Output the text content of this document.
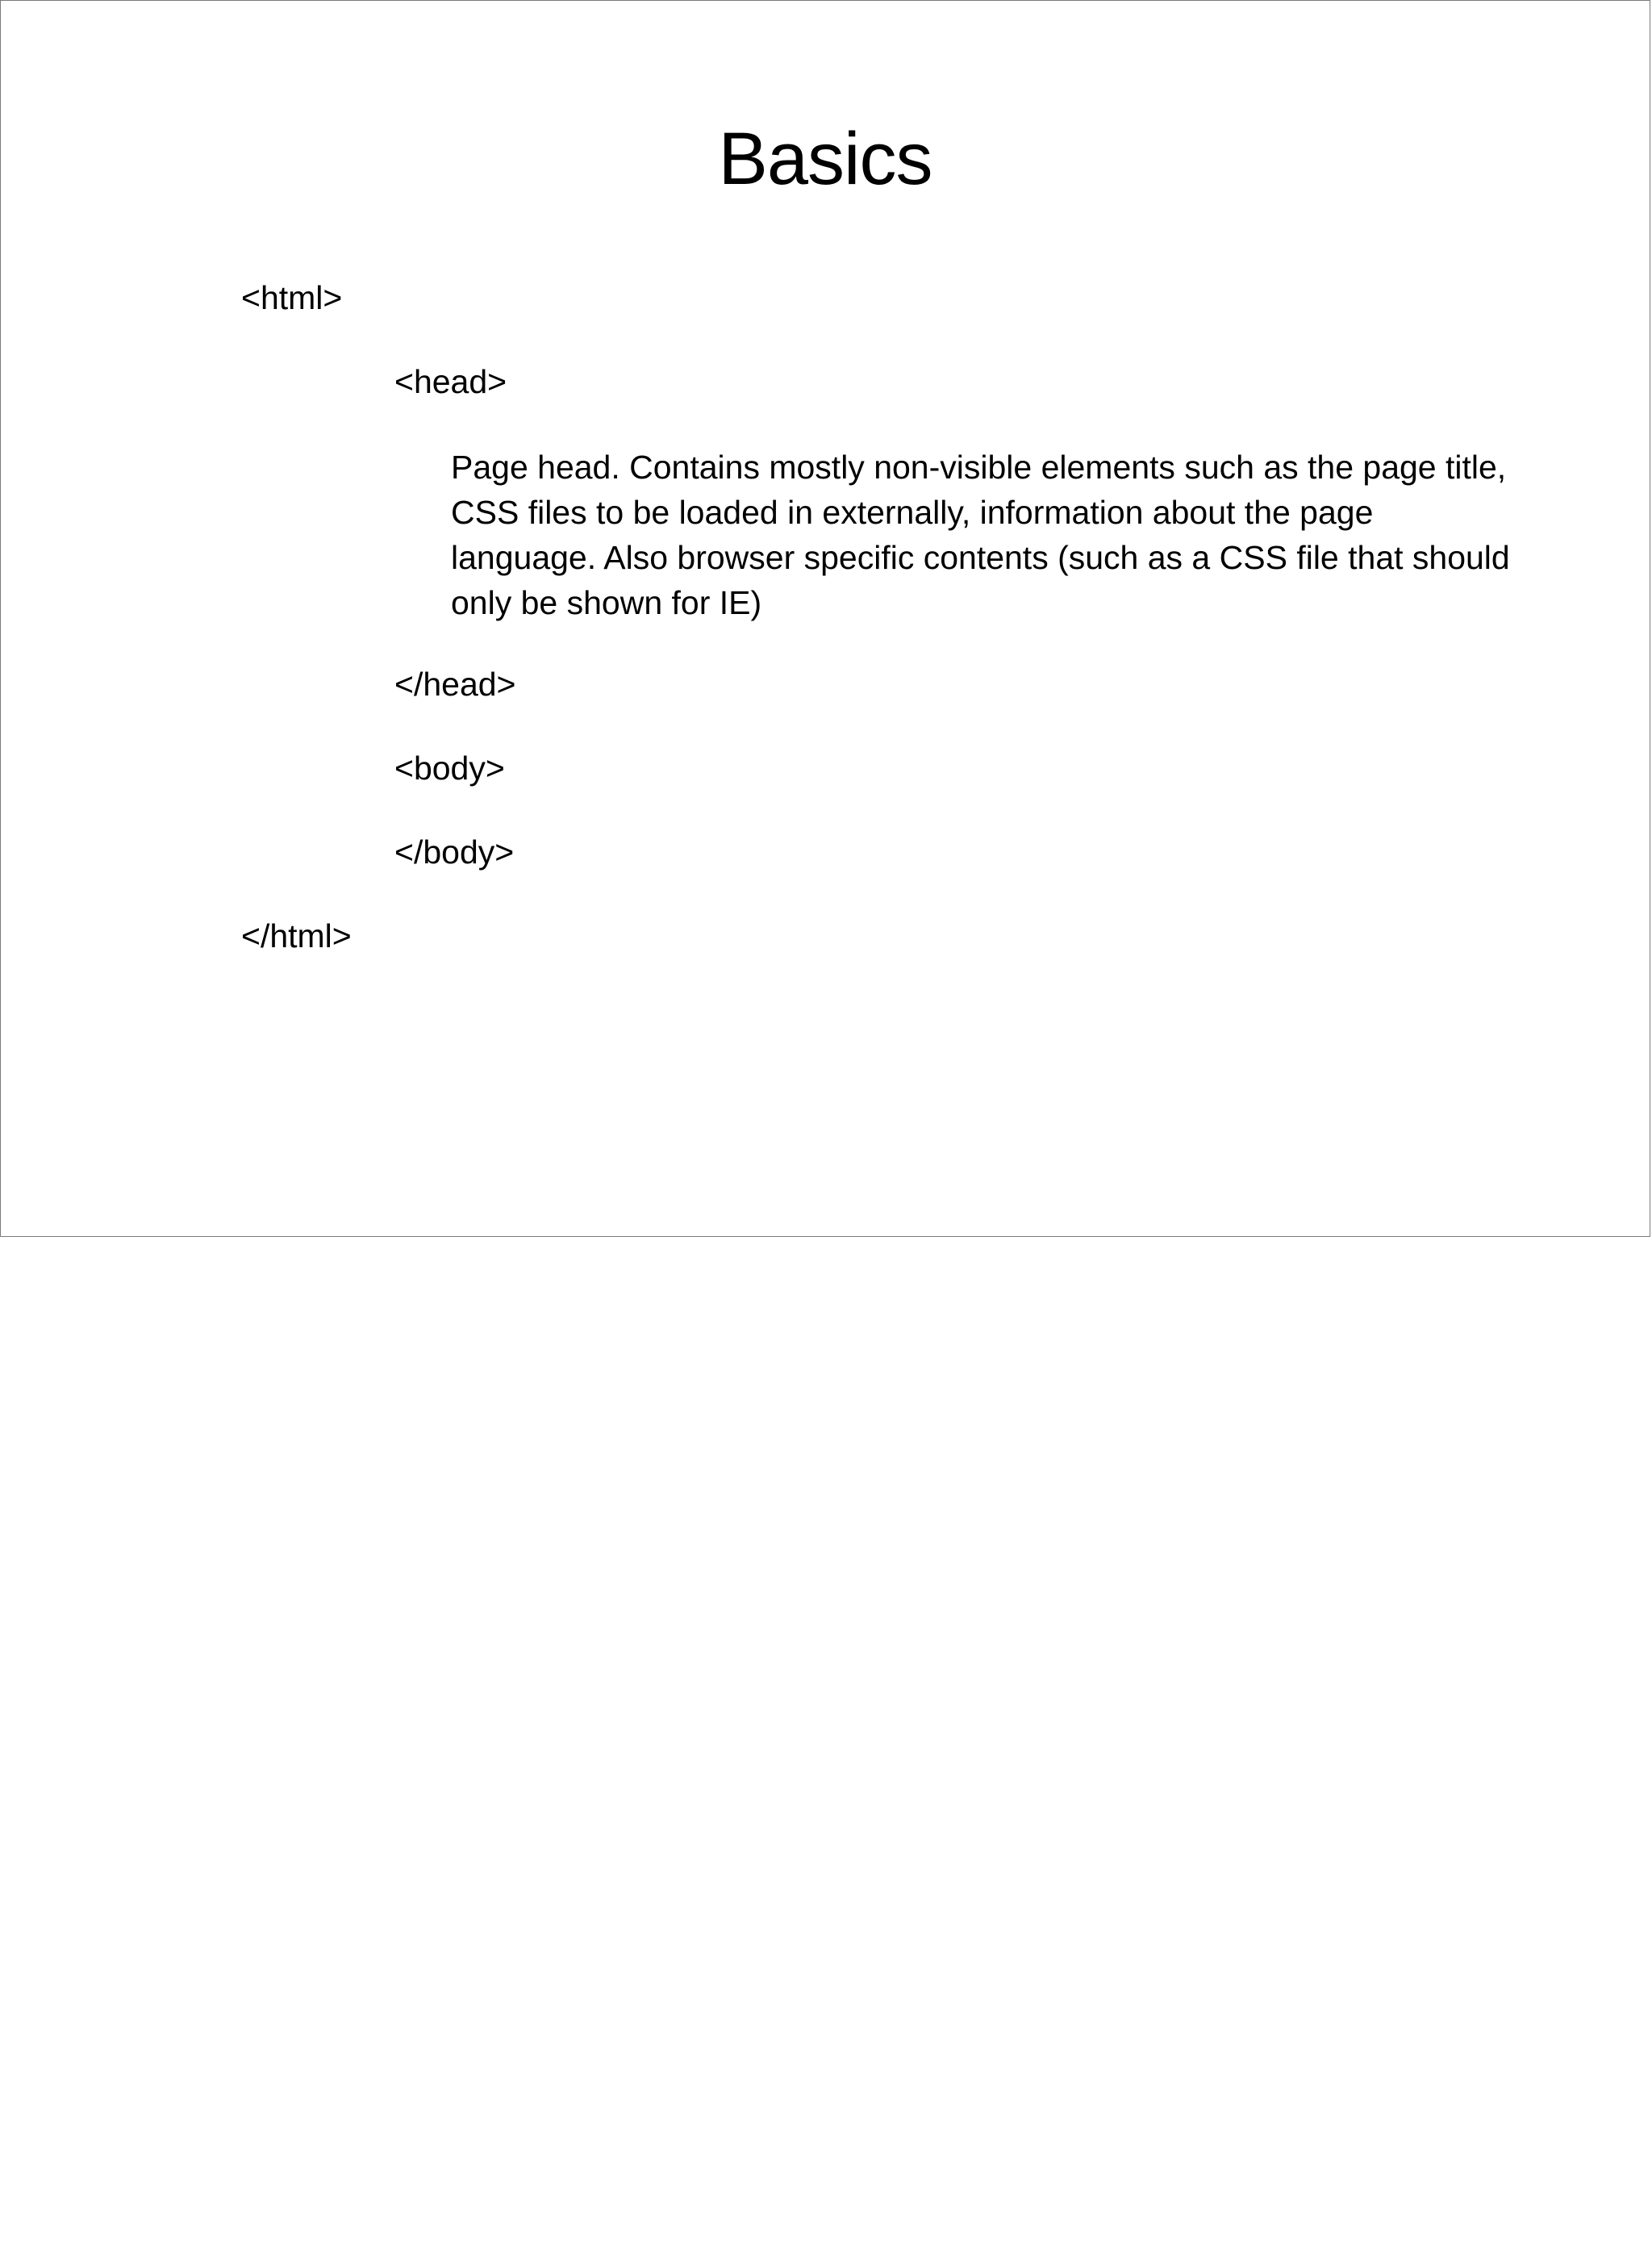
Basics

<html>

<head>

Page head. Contains mostly non-visible elements such as the page title, CSS files to be loaded in externally, information about the page language. Also browser specific contents (such as a CSS file that should only be shown for IE)

</head>

<body>

</body>

</html>
